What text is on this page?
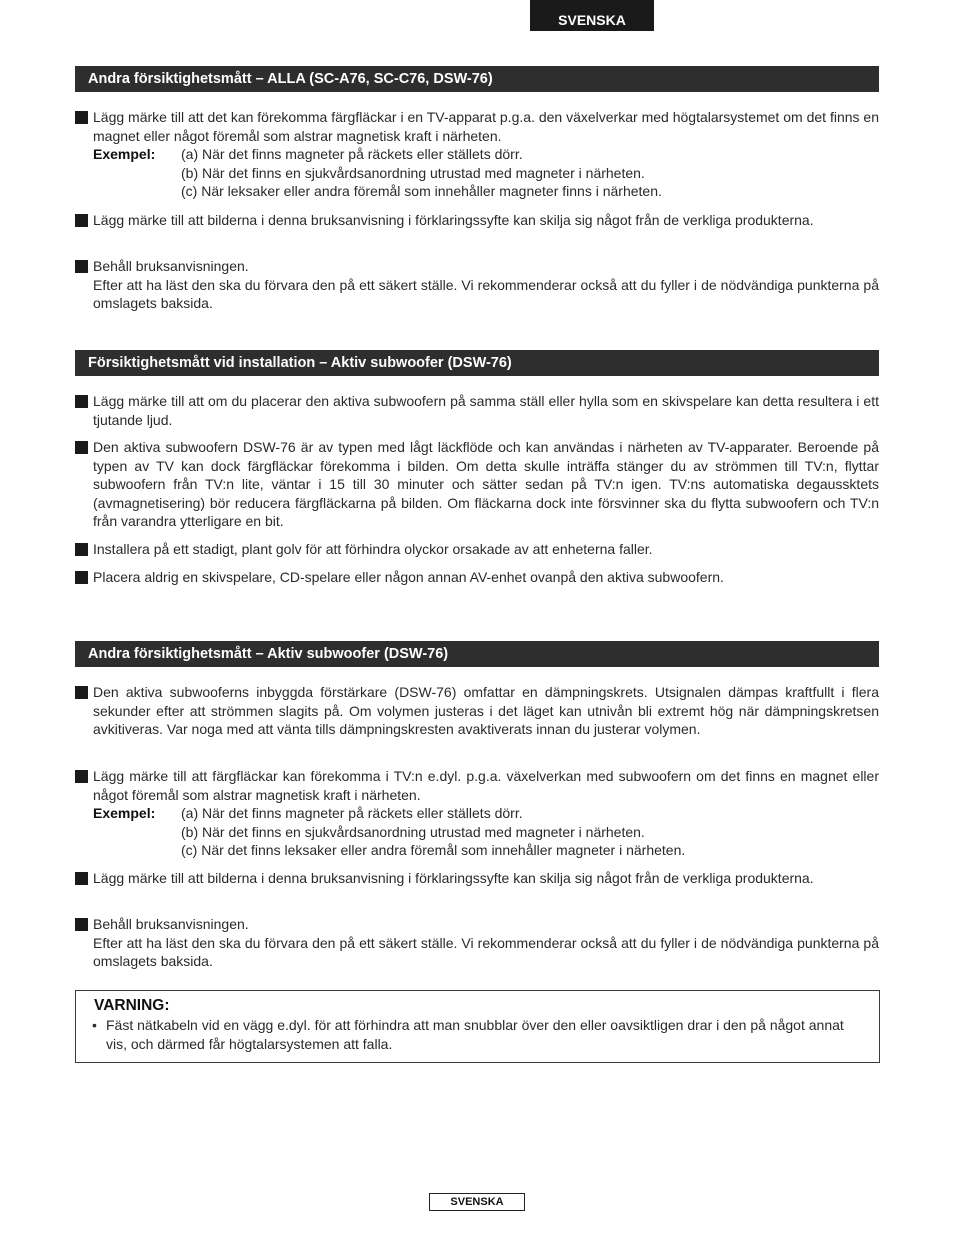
SVENSKA
Andra försiktighetsmått – ALLA (SC-A76, SC-C76, DSW-76)

Lägg märke till att det kan förekomma färgfläckar i en TV-apparat p.g.a. den växelverkar med högtalarsystemet om det finns en magnet eller något föremål som alstrar magnetisk kraft i närheten.

Exempel: (a) När det finns magneter på räckets eller ställets dörr.
(b) När det finns en sjukvårdsanordning utrustad med magneter i närheten.
(c) När leksaker eller andra föremål som innehåller magneter finns i närheten.

Lägg märke till att bilderna i denna bruksanvisning i förklaringssyfte kan skilja sig något från de verkliga produkterna.

Behåll bruksanvisningen.

Efter att ha läst den ska du förvara den på ett säkert ställe. Vi rekommenderar också att du fyller i de nödvändiga punkterna på omslagets baksida.

Försiktighetsmått vid installation – Aktiv subwoofer (DSW-76)

Lägg märke till att om du placerar den aktiva subwoofern på samma ställ eller hylla som en skivspelare kan detta resultera i ett tjutande ljud.

Den aktiva subwoofern DSW-76 är av typen med lågt läckflöde och kan användas i närheten av TV-apparater. Beroende på typen av TV kan dock färgfläckar förekomma i bilden. Om detta skulle inträffa stänger du av strömmen till TV:n, flyttar subwoofern från TV:n lite, väntar i 15 till 30 minuter och sätter sedan på TV:n igen. TV:ns automatiska degaussktets (avmagnetisering) bör reducera färgfläckarna på bilden. Om fläckarna dock inte försvinner ska du flytta subwoofern och TV:n från varandra ytterligare en bit.

Installera på ett stadigt, plant golv för att förhindra olyckor orsakade av att enheterna faller.

Placera aldrig en skivspelare, CD-spelare eller någon annan AV-enhet ovanpå den aktiva subwoofern.

Andra försiktighetsmått – Aktiv subwoofer (DSW-76)

Den aktiva subwooferns inbyggda förstärkare (DSW-76) omfattar en dämpningskrets. Utsignalen dämpas kraftfullt i flera sekunder efter att strömmen slagits på. Om volymen justeras i det läget kan utnivån bli extremt hög när dämpningskretsen avkitiveras. Var noga med att vänta tills dämpningskresten avaktiverats innan du justerar volymen.

Lägg märke till att färgfläckar kan förekomma i TV:n e.dyl. p.g.a. växelverkan med subwoofern om det finns en magnet eller något föremål som alstrar magnetisk kraft i närheten.

Exempel: (a) När det finns magneter på räckets eller ställets dörr.
(b) När det finns en sjukvårdsanordning utrustad med magneter i närheten.
(c) När det finns leksaker eller andra föremål som innehåller magneter i närheten.

Lägg märke till att bilderna i denna bruksanvisning i förklaringssyfte kan skilja sig något från de verkliga produkterna.

Behåll bruksanvisningen.

Efter att ha läst den ska du förvara den på ett säkert ställe. Vi rekommenderar också att du fyller i de nödvändiga punkterna på omslagets baksida.

VARNING:
• Fäst nätkabeln vid en vägg e.dyl. för att förhindra att man snubblar över den eller oavsiktligen drar i den på något annat vis, och därmed får högtalarsystemen att falla.

SVENSKA
